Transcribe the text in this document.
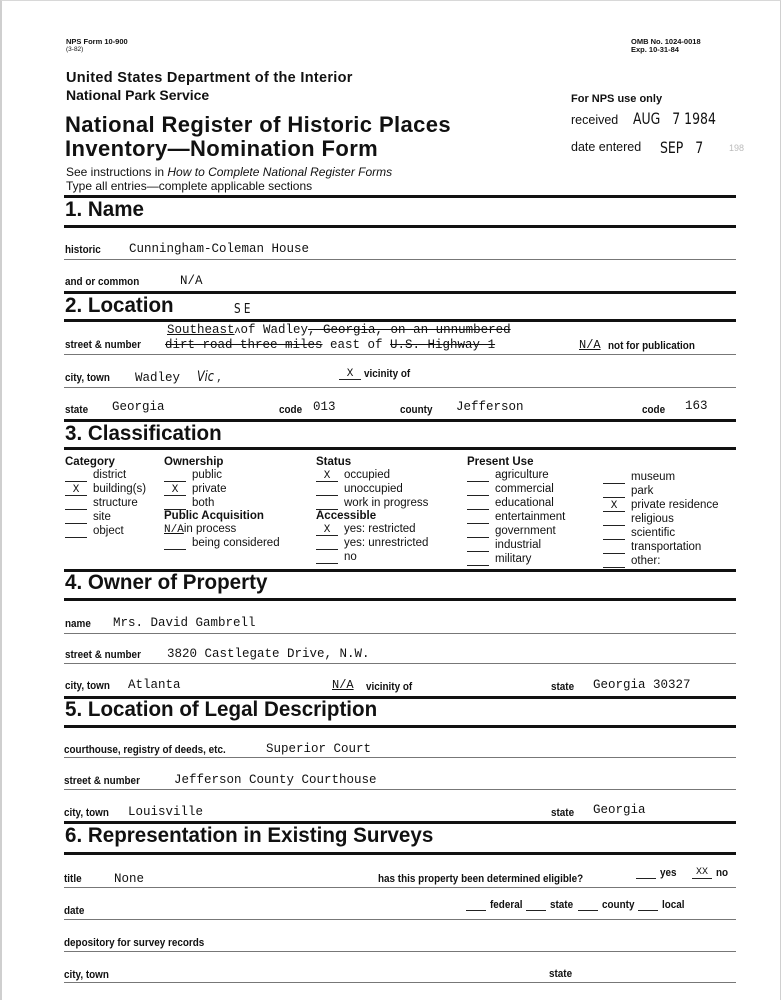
NPS Form 10-900
(3-82)
OMB No. 1024-0018
Exp. 10-31-84
United States Department of the Interior
National Park Service
National Register of Historic Places
Inventory—Nomination Form
See instructions in How to Complete National Register Forms
Type all entries—complete applicable sections
For NPS use only
received AUG   7 1984
date entered SEP   7	198
1. Name
historic Cunningham-Coleman House
and or common	N/A
2. Location	S E
street & number
Southeastʌof Wadley, Georgia, on an unnumbered
dirt road three miles east of U.S. Highway 1	N/A not for publication
city, town Wadley Vic ,	X vicinity of
state Georgia	code 013	county Jefferson	code 163
3. Classification
Category
district
X	building(s)
structure
site
object
Ownership
public
X	private
both
Public Acquisition
N/A in process
being considered
Status
X	occupied
unoccupied
work in progress
Accessible
X	yes: restricted
yes: unrestricted
no
Present Use
agriculture
commercial
educational
entertainment
government
industrial
military
museum
park
X	private residence
religious
scientific
transportation
other:
4. Owner of Property
name Mrs. David Gambrell
street & number 3820 Castlegate Drive, N.W.
city, town Atlanta	N/A vicinity of	state Georgia 30327
5. Location of Legal Description
courthouse, registry of deeds, etc.	Superior Court
street & number	Jefferson County Courthouse
city, town Louisville	state Georgia
6. Representation in Existing Surveys
title	None	has this property been determined eligible?	yes	XX no
date	federal	state	county	local
depository for survey records
city, town	state
